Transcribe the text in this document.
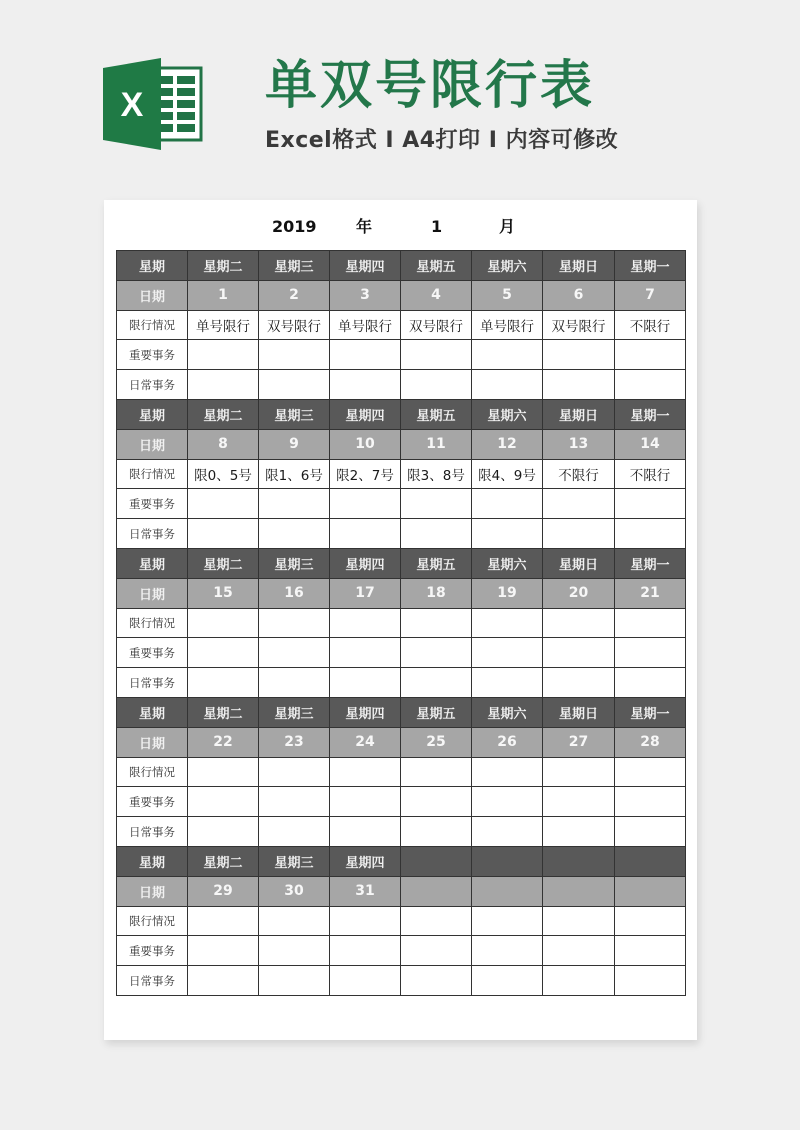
X 单双号限行表
Excel格式 I A4打印 I 内容可修改
2019 年	1	月
星期	星期二	星期三	星期四	星期五	星期六	星期日	星期一
日期	1	2	3	4	5	6	7
限行情况	单号限行	双号限行	单号限行	双号限行	单号限行	双号限行	不限行
重要事务							
日常事务							
星期	星期二	星期三	星期四	星期五	星期六	星期日	星期一
日期	8	9	10	11	12	13	14
限行情况	限0、5号	限1、6号	限2、7号	限3、8号	限4、9号	不限行	不限行
重要事务							
日常事务							
星期	星期二	星期三	星期四	星期五	星期六	星期日	星期一
日期	15	16	17	18	19	20	21
限行情况							
重要事务							
日常事务							
星期	星期二	星期三	星期四	星期五	星期六	星期日	星期一
日期	22	23	24	25	26	27	28
限行情况							
重要事务							
日常事务							
星期	星期二	星期三	星期四				
日期	29	30	31				
限行情况							
重要事务							
日常事务							
